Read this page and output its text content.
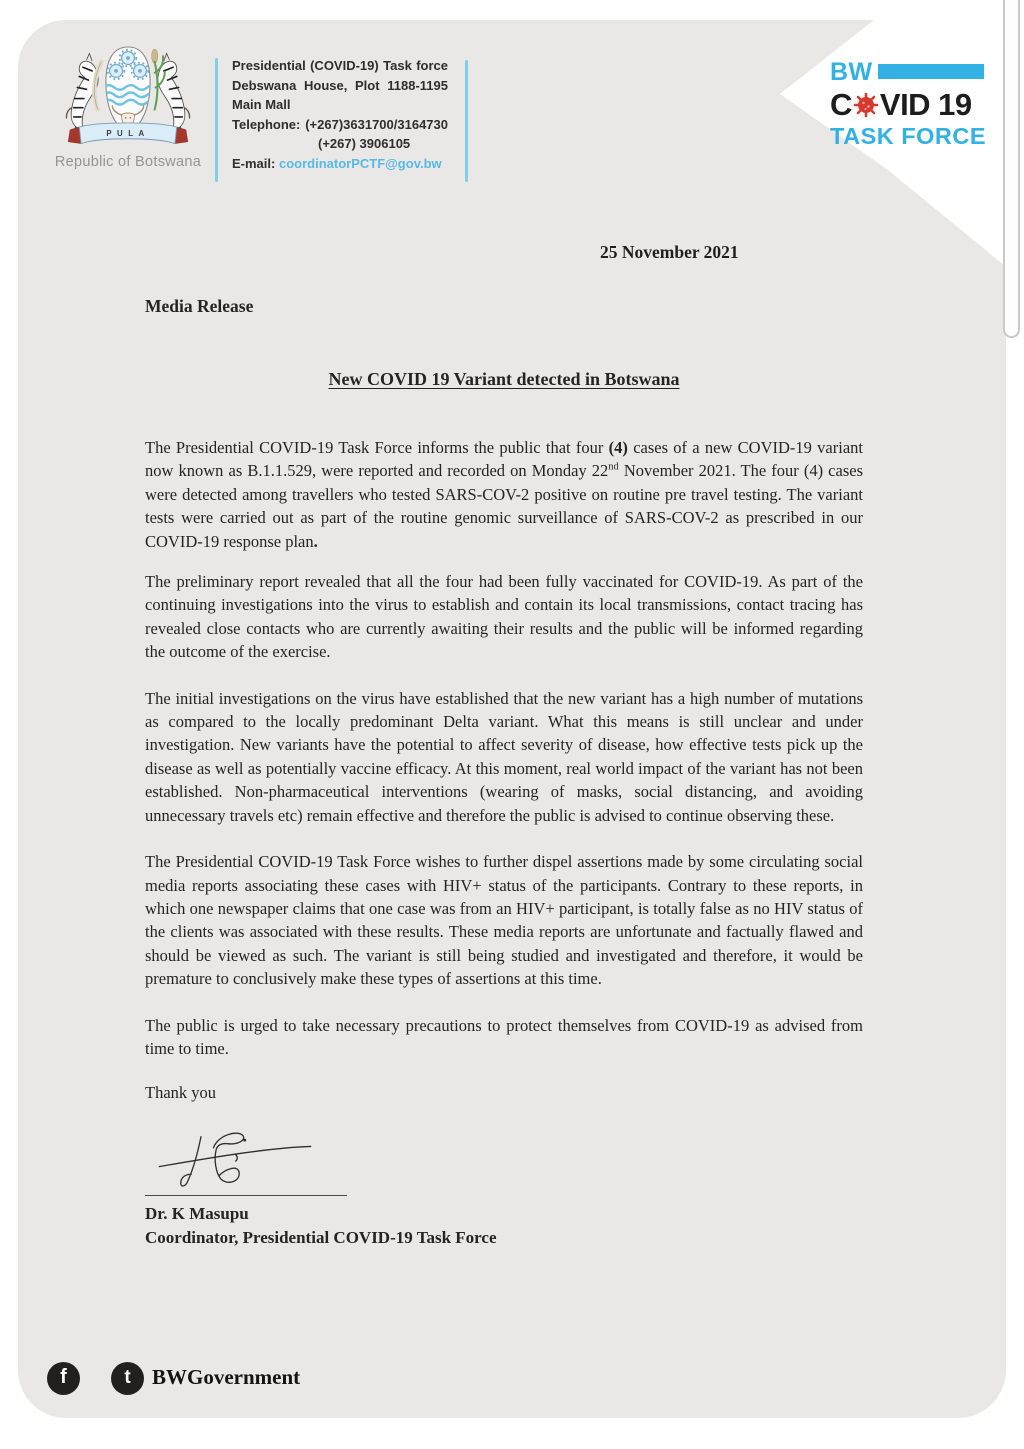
PULA
Republic of Botswana
Presidential (COVID-19) Task force
Debswana House, Plot 1188-1195
Main Mall
Telephone: (+267)3631700/3164730
(+267) 3906105
E-mail: coordinatorPCTF@gov.bw
BW
C VID 19
TASK FORCE
25 November 2021
Media Release
New COVID 19 Variant detected in Botswana

The Presidential COVID-19 Task Force informs the public that four (4) cases of a new COVID-19 variant now known as B.1.1.529, were reported and recorded on Monday 22nd November 2021. The four (4) cases were detected among travellers who tested SARS-COV-2 positive on routine pre travel testing. The variant tests were carried out as part of the routine genomic surveillance of SARS-COV-2 as prescribed in our COVID-19 response plan.

The preliminary report revealed that all the four had been fully vaccinated for COVID-19. As part of the continuing investigations into the virus to establish and contain its local transmissions, contact tracing has revealed close contacts who are currently awaiting their results and the public will be informed regarding the outcome of the exercise.

The initial investigations on the virus have established that the new variant has a high number of mutations as compared to the locally predominant Delta variant. What this means is still unclear and under investigation. New variants have the potential to affect severity of disease, how effective tests pick up the disease as well as potentially vaccine efficacy. At this moment, real world impact of the variant has not been established. Non-pharmaceutical interventions (wearing of masks, social distancing, and avoiding unnecessary travels etc) remain effective and therefore the public is advised to continue observing these.

The Presidential COVID-19 Task Force wishes to further dispel assertions made by some circulating social media reports associating these cases with HIV+ status of the participants. Contrary to these reports, in which one newspaper claims that one case was from an HIV+ participant, is totally false as no HIV status of the clients was associated with these results. These media reports are unfortunate and factually flawed and should be viewed as such. The variant is still being studied and investigated and therefore, it would be premature to conclusively make these types of assertions at this time.

The public is urged to take necessary precautions to protect themselves from COVID-19 as advised from time to time.

Thank you
Dr. K Masupu
Coordinator, Presidential COVID-19 Task Force
f	t BWGovernment
